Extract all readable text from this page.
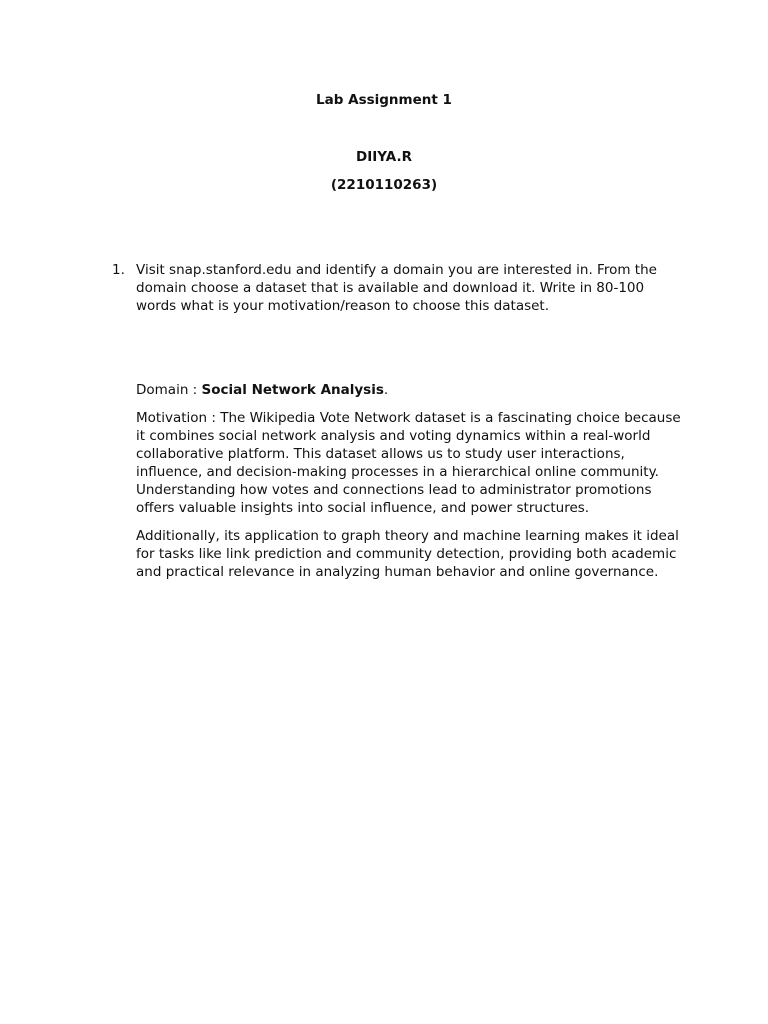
Lab Assignment 1
DIIYA.R
(2210110263)
1. Visit snap.stanford.edu and identify a domain you are interested in. From the domain choose a dataset that is available and download it. Write in 80-100 words what is your motivation/reason to choose this dataset.

Domain : Social Network Analysis.

Motivation : The Wikipedia Vote Network dataset is a fascinating choice because it combines social network analysis and voting dynamics within a real-world collaborative platform. This dataset allows us to study user interactions, influence, and decision-making processes in a hierarchical online community. Understanding how votes and connections lead to administrator promotions offers valuable insights into social influence, and power structures.

Additionally, its application to graph theory and machine learning makes it ideal for tasks like link prediction and community detection, providing both academic and practical relevance in analyzing human behavior and online governance.
